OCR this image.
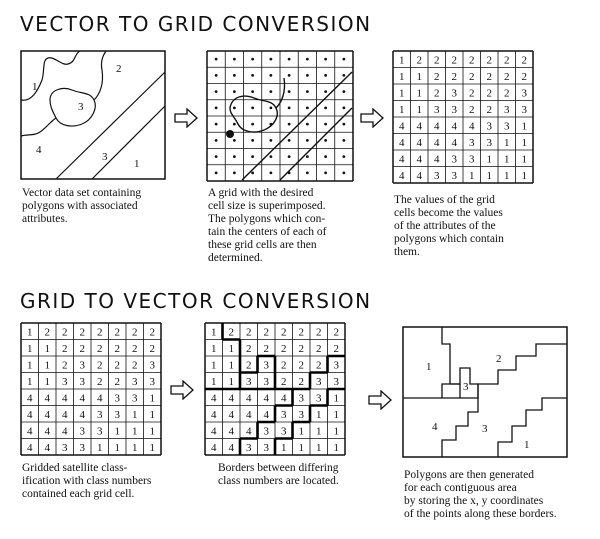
VECTOR TO GRID CONVERSION
1
2
3
4
3
1
1 2 2 2 2 2 2 2
1 1 2 2 2 2 2 2
1 1 2 3 2 2 2 3
1 1 3 3 2 2 3 3
4 4 4 4 4 3 3 1
4 4 4 4 3 3 1 1
4 4 4 3 3 1 1 1
4 4 3 3 1 1 1 1
Vector data set containing
polygons with associated
attributes.
A grid with the desired
cell size is superimposed.
The polygons which con-
tain the centers of each of
these grid cells are then
determined.
The values of the grid
cells become the values
of the attributes of the
polygons which contain
them.
GRID TO VECTOR CONVERSION
1 2 2 2 2 2 2 2
1 1 2 2 2 2 2 2
1 1 2 3 2 2 2 3
1 1 3 3 2 2 3 3
4 4 4 4 4 3 3 1
4 4 4 4 3 3 1 1
4 4 4 3 3 1 1 1
4 4 3 3 1 1 1 1
1 2 2 2 2 2 2 2
1 1 2 2 2 2 2 2
1 1 2 3 2 2 2 3
1 1 3 3 2 2 3 3
4 4 4 4 4 3 3 1
4 4 4 4 3 3 1 1
4 4 4 3 3 1 1 1
4 4 3 3 1 1 1 1
1
2
3
4	3
1
Gridded satellite class-
ification with class numbers
contained each grid cell.
Borders between differing
class numbers are located.	Polygons are then generated
for each contiguous area
by storing the x, y coordinates
of the points along these borders.
